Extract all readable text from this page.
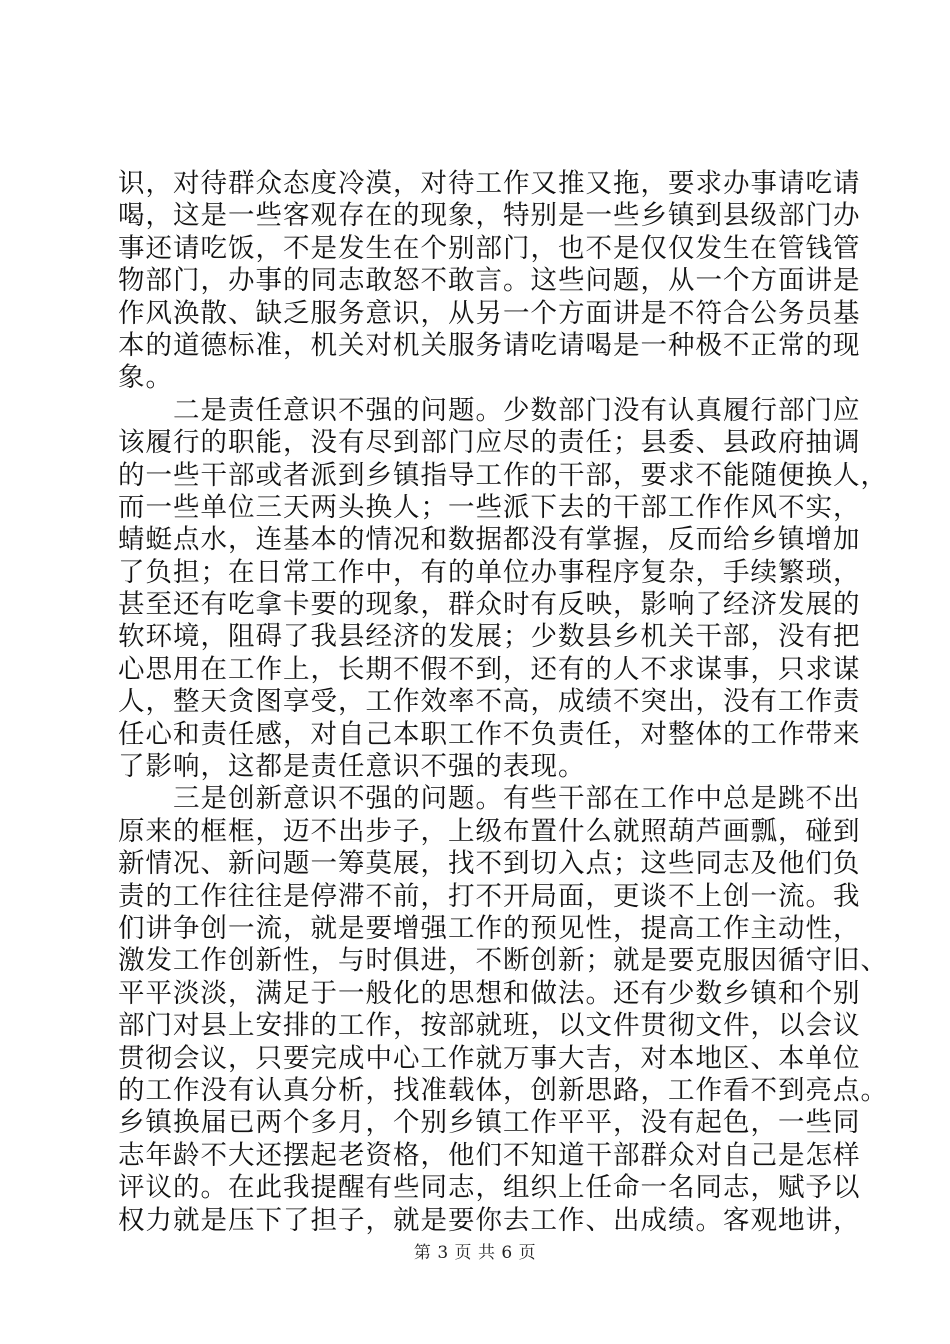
识，对待群众态度冷漠，对待工作又推又拖，要求办事请吃请
喝，这是一些客观存在的现象，特别是一些乡镇到县级部门办
事还请吃饭，不是发生在个别部门，也不是仅仅发生在管钱管
物部门，办事的同志敢怒不敢言。这些问题，从一个方面讲是
作风涣散、缺乏服务意识，从另一个方面讲是不符合公务员基
本的道德标准，机关对机关服务请吃请喝是一种极不正常的现
象。
二是责任意识不强的问题。少数部门没有认真履行部门应
该履行的职能，没有尽到部门应尽的责任；县委、县政府抽调
的一些干部或者派到乡镇指导工作的干部，要求不能随便换人，
而一些单位三天两头换人；一些派下去的干部工作作风不实，
蜻蜓点水，连基本的情况和数据都没有掌握，反而给乡镇增加
了负担；在日常工作中，有的单位办事程序复杂，手续繁琐，
甚至还有吃拿卡要的现象，群众时有反映，影响了经济发展的
软环境，阻碍了我县经济的发展；少数县乡机关干部，没有把
心思用在工作上，长期不假不到，还有的人不求谋事，只求谋
人，整天贪图享受，工作效率不高，成绩不突出，没有工作责
任心和责任感，对自己本职工作不负责任，对整体的工作带来
了影响，这都是责任意识不强的表现。
三是创新意识不强的问题。有些干部在工作中总是跳不出
原来的框框，迈不出步子，上级布置什么就照葫芦画瓢，碰到
新情况、新问题一筹莫展，找不到切入点；这些同志及他们负
责的工作往往是停滞不前，打不开局面，更谈不上创一流。我
们讲争创一流，就是要增强工作的预见性，提高工作主动性，
激发工作创新性，与时俱进，不断创新；就是要克服因循守旧、
平平淡淡，满足于一般化的思想和做法。还有少数乡镇和个别
部门对县上安排的工作，按部就班，以文件贯彻文件，以会议
贯彻会议，只要完成中心工作就万事大吉，对本地区、本单位
的工作没有认真分析，找准载体，创新思路，工作看不到亮点。
乡镇换届已两个多月，个别乡镇工作平平，没有起色，一些同
志年龄不大还摆起老资格，他们不知道干部群众对自己是怎样
评议的。在此我提醒有些同志，组织上任命一名同志，赋予以
权力就是压下了担子，就是要你去工作、出成绩。客观地讲，
第 3 页 共 6 页
